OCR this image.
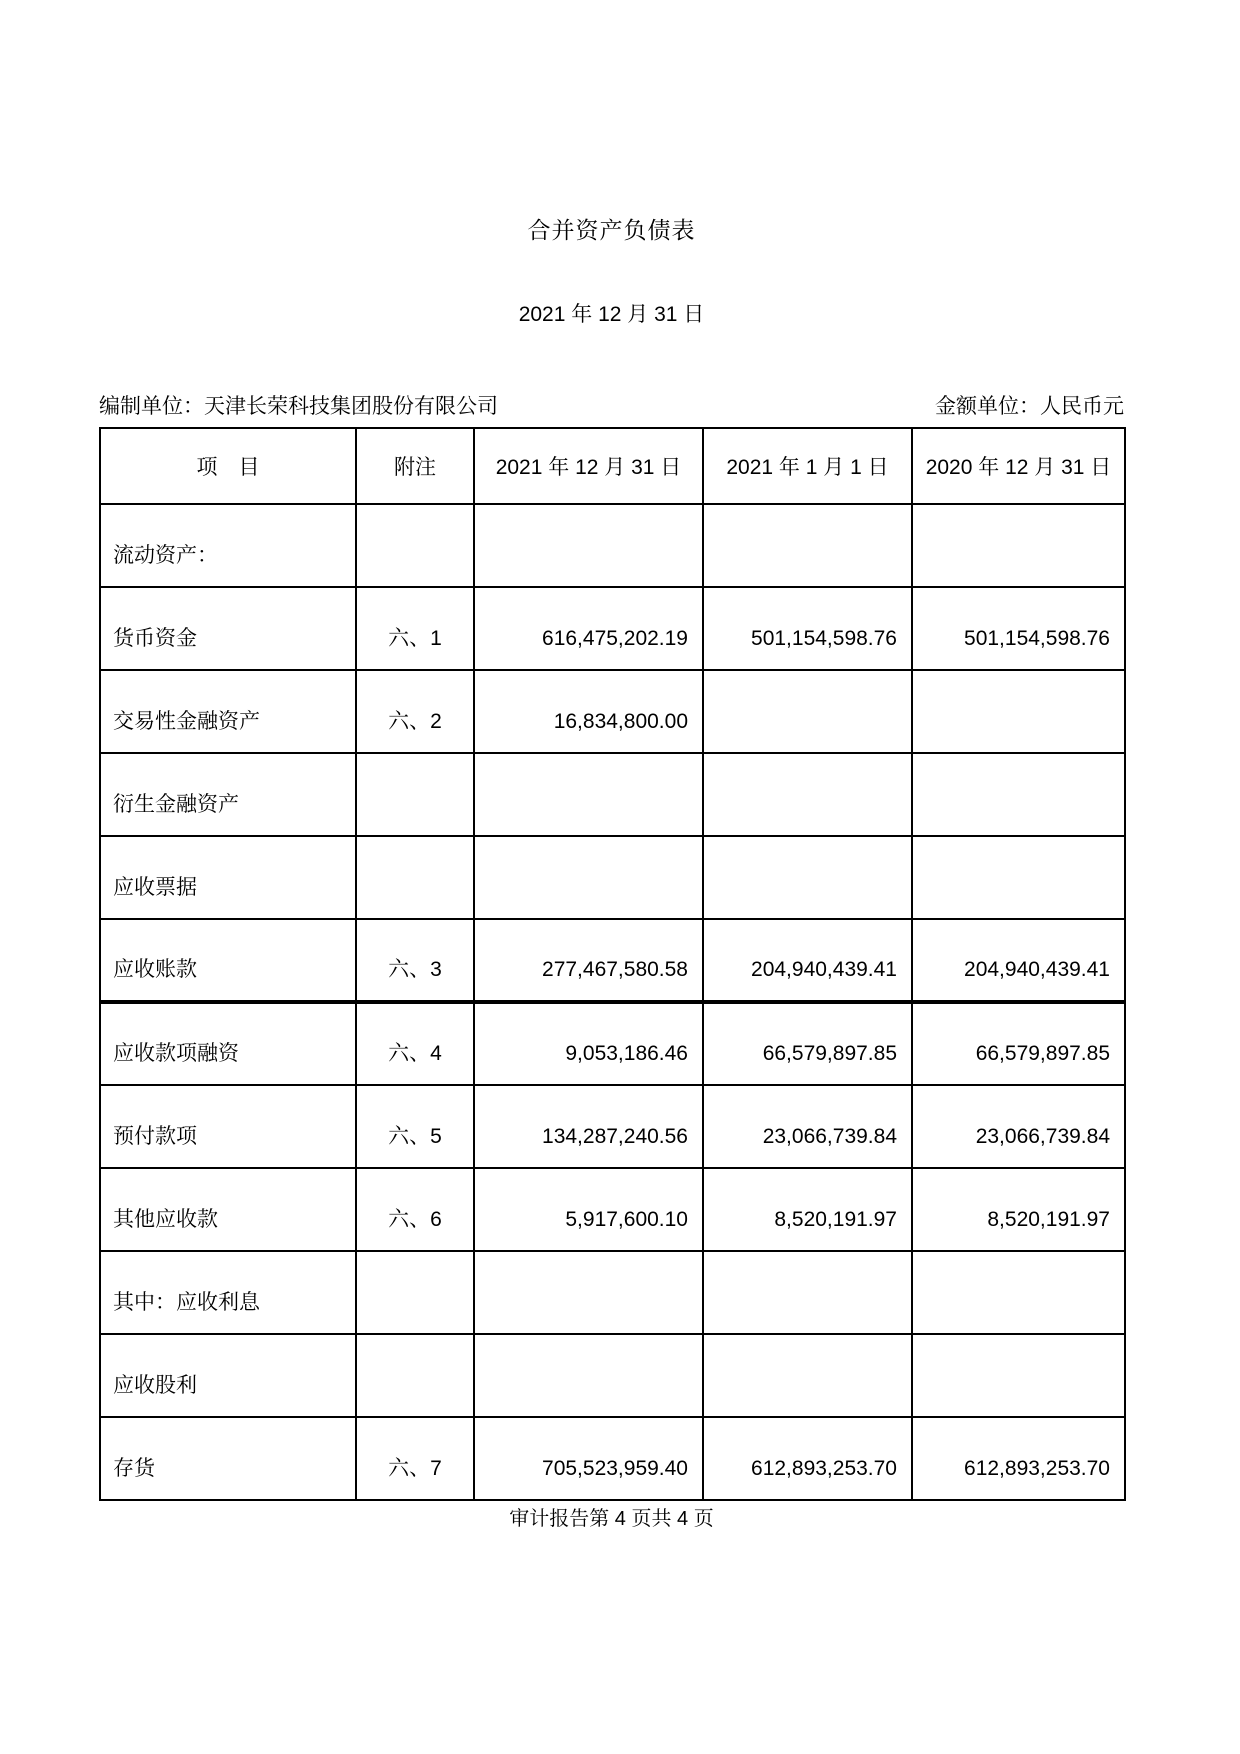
合并资产负债表
2021 年 12 月 31 日
编制单位：天津长荣科技集团股份有限公司	金额单位：人民币元
项　目	附注	2021 年 12 月 31 日	2021 年 1 月 1 日	2020 年 12 月 31 日
流动资产：				
货币资金	六、1	616,475,202.19	501,154,598.76	501,154,598.76
交易性金融资产	六、2	16,834,800.00		
衍生金融资产				
应收票据				
应收账款	六、3	277,467,580.58	204,940,439.41	204,940,439.41
应收款项融资	六、4	9,053,186.46	66,579,897.85	66,579,897.85
预付款项	六、5	134,287,240.56	23,066,739.84	23,066,739.84
其他应收款	六、6	5,917,600.10	8,520,191.97	8,520,191.97
其中：应收利息				
应收股利				
存货	六、7	705,523,959.40	612,893,253.70	612,893,253.70
审计报告第 4 页共 4 页
